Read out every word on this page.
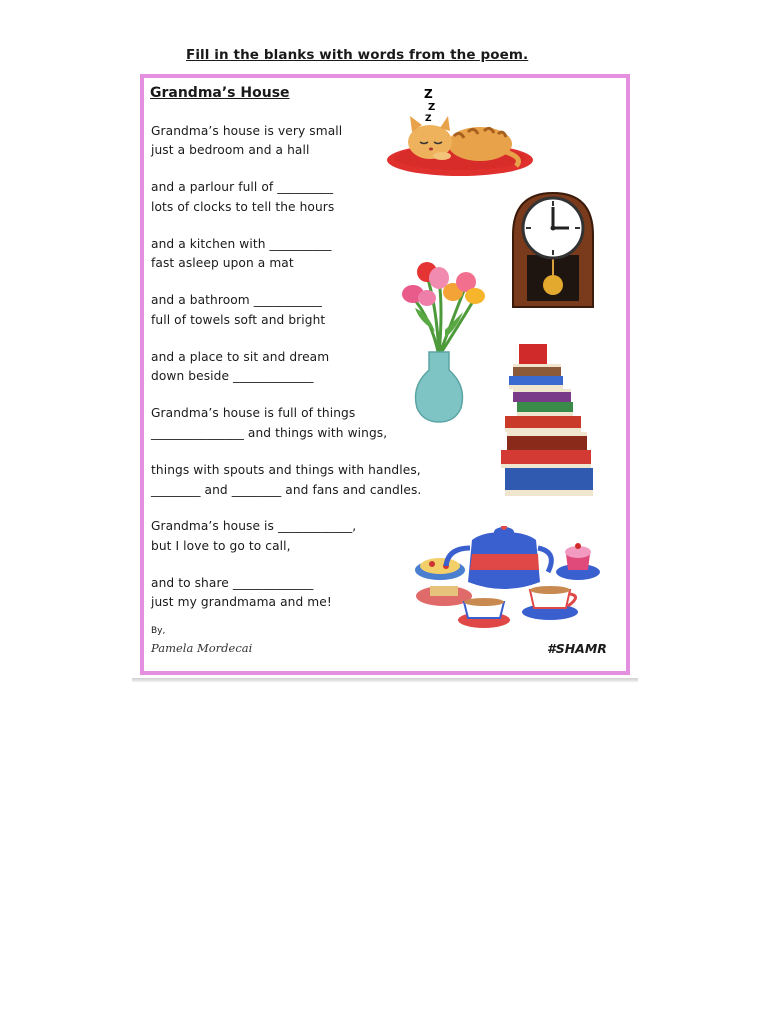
Fill in the blanks with words from the poem.
Grandma’s House
Grandma’s house is very small
just a bedroom and a hall
and a parlour full of _________
lots of clocks to tell the hours
and a kitchen with __________
fast asleep upon a mat
and a bathroom ___________
full of towels soft and bright
and a place to sit and dream
down beside _____________
Grandma’s house is full of things
_______________ and things with wings,
things with spouts and things with handles,
________ and ________ and fans and candles.
Grandma’s house is ____________,
but I love to go to call,
and to share _____________
just my grandmama and me!
By,
Pamela Mordecai	#SHAMR
Z
Z
Z
